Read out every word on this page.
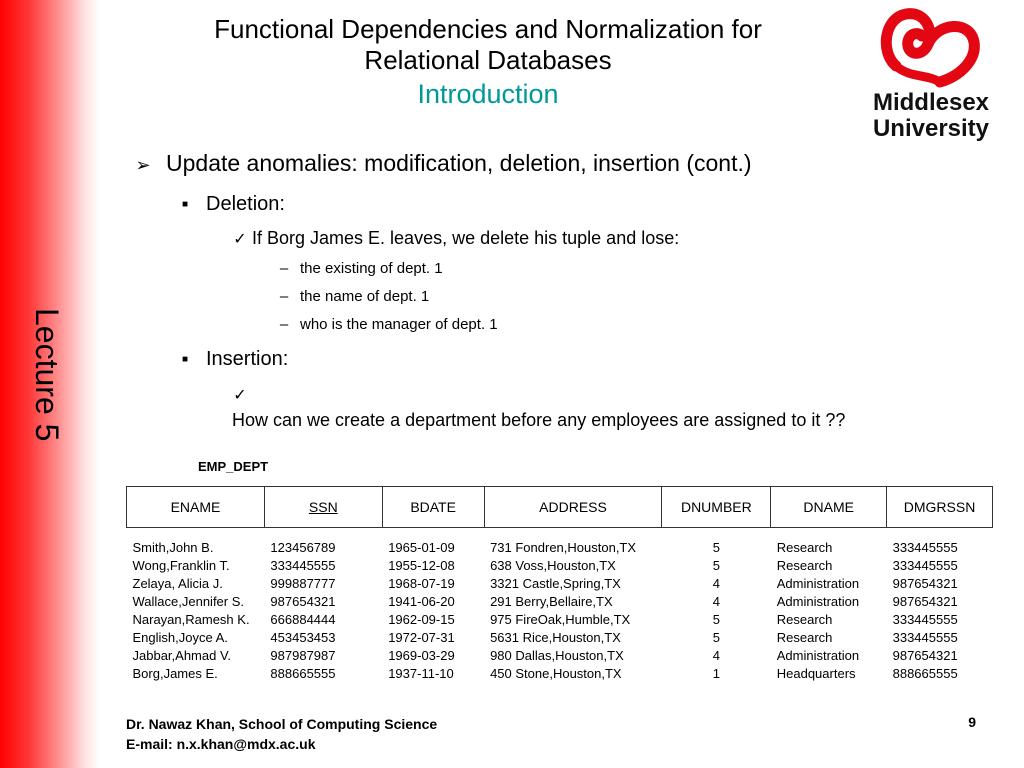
Lecture 5
Functional Dependencies and Normalization for
Relational Databases
Introduction	Middlesex
University
➢ Update anomalies: modification, deletion, insertion (cont.)
■ Deletion:
✓ If Borg James E. leaves, we delete his tuple and lose:
– the existing of dept. 1
– the name of dept. 1
– who is the manager of dept. 1
■ Insertion:
✓How can we create a department before any employees are assigned to it ??
EMP_DEPT
ENAME	SSN	BDATE	ADDRESS	DNUMBER	DNAME	DMGRSSN
Smith,John B.	123456789	1965-01-09	731 Fondren,Houston,TX	5	Research	333445555
Wong,Franklin T.	333445555	1955-12-08	638 Voss,Houston,TX	5	Research	333445555
Zelaya, Alicia J.	999887777	1968-07-19	3321 Castle,Spring,TX	4	Administration	987654321
Wallace,Jennifer S.	987654321	1941-06-20	291 Berry,Bellaire,TX	4	Administration	987654321
Narayan,Ramesh K.	666884444	1962-09-15	975 FireOak,Humble,TX	5	Research	333445555
English,Joyce A.	453453453	1972-07-31	5631 Rice,Houston,TX	5	Research	333445555
Jabbar,Ahmad V.	987987987	1969-03-29	980 Dallas,Houston,TX	4	Administration	987654321
Borg,James E.	888665555	1937-11-10	450 Stone,Houston,TX	1	Headquarters	888665555
Dr. Nawaz Khan, School of Computing Science
E-mail: n.x.khan@mdx.ac.uk
9
